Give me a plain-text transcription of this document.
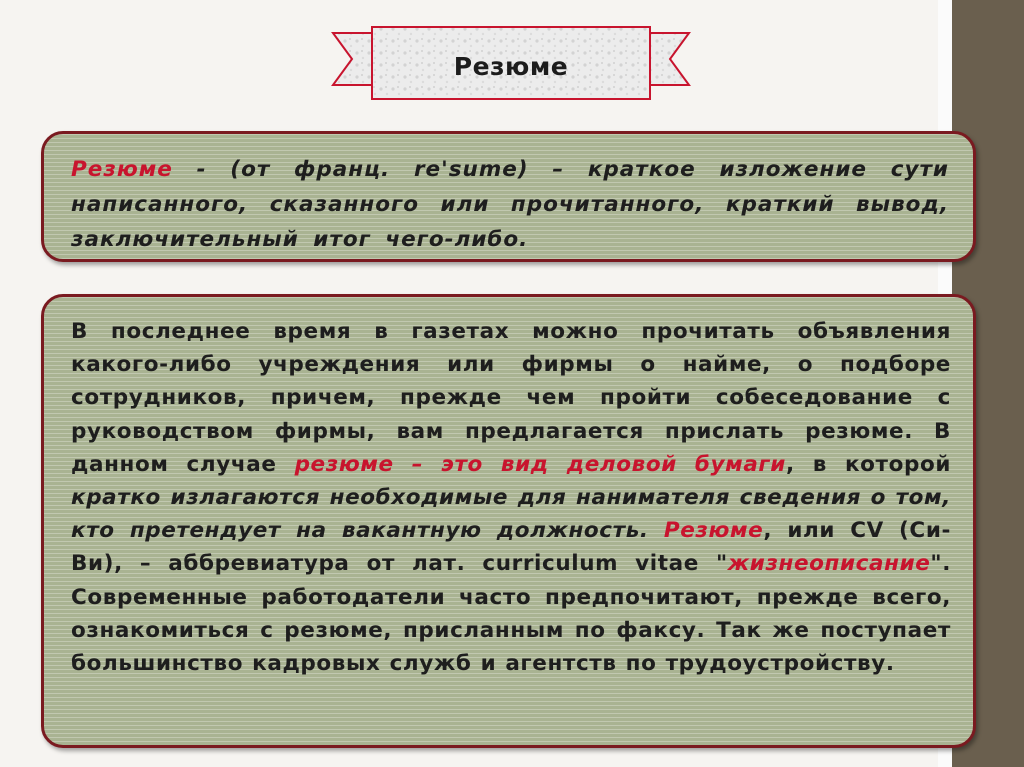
Резюме
Резюме - (от франц. re'sume) – краткое изложение сути написанного, сказанного или прочитанного, краткий вывод, заключительный итог чего-либо.
В последнее время в газетах можно прочитать объявления какого-либо учреждения или фирмы о найме, о подборе сотрудников, причем, прежде чем пройти собеседование с руководством фирмы, вам предлагается прислать резюме. В данном случае резюме – это вид деловой бумаги, в которой кратко излагаются необходимые для нанимателя сведения о том, кто претендует на вакантную должность. Резюме, или CV (Си-Ви), – аббревиатура от лат. curriculum vitae "жизнеописание". Современные работодатели часто предпочитают, прежде всего, ознакомиться с резюме, присланным по факсу. Так же поступает большинство кадровых служб и агентств по трудоустройству.
